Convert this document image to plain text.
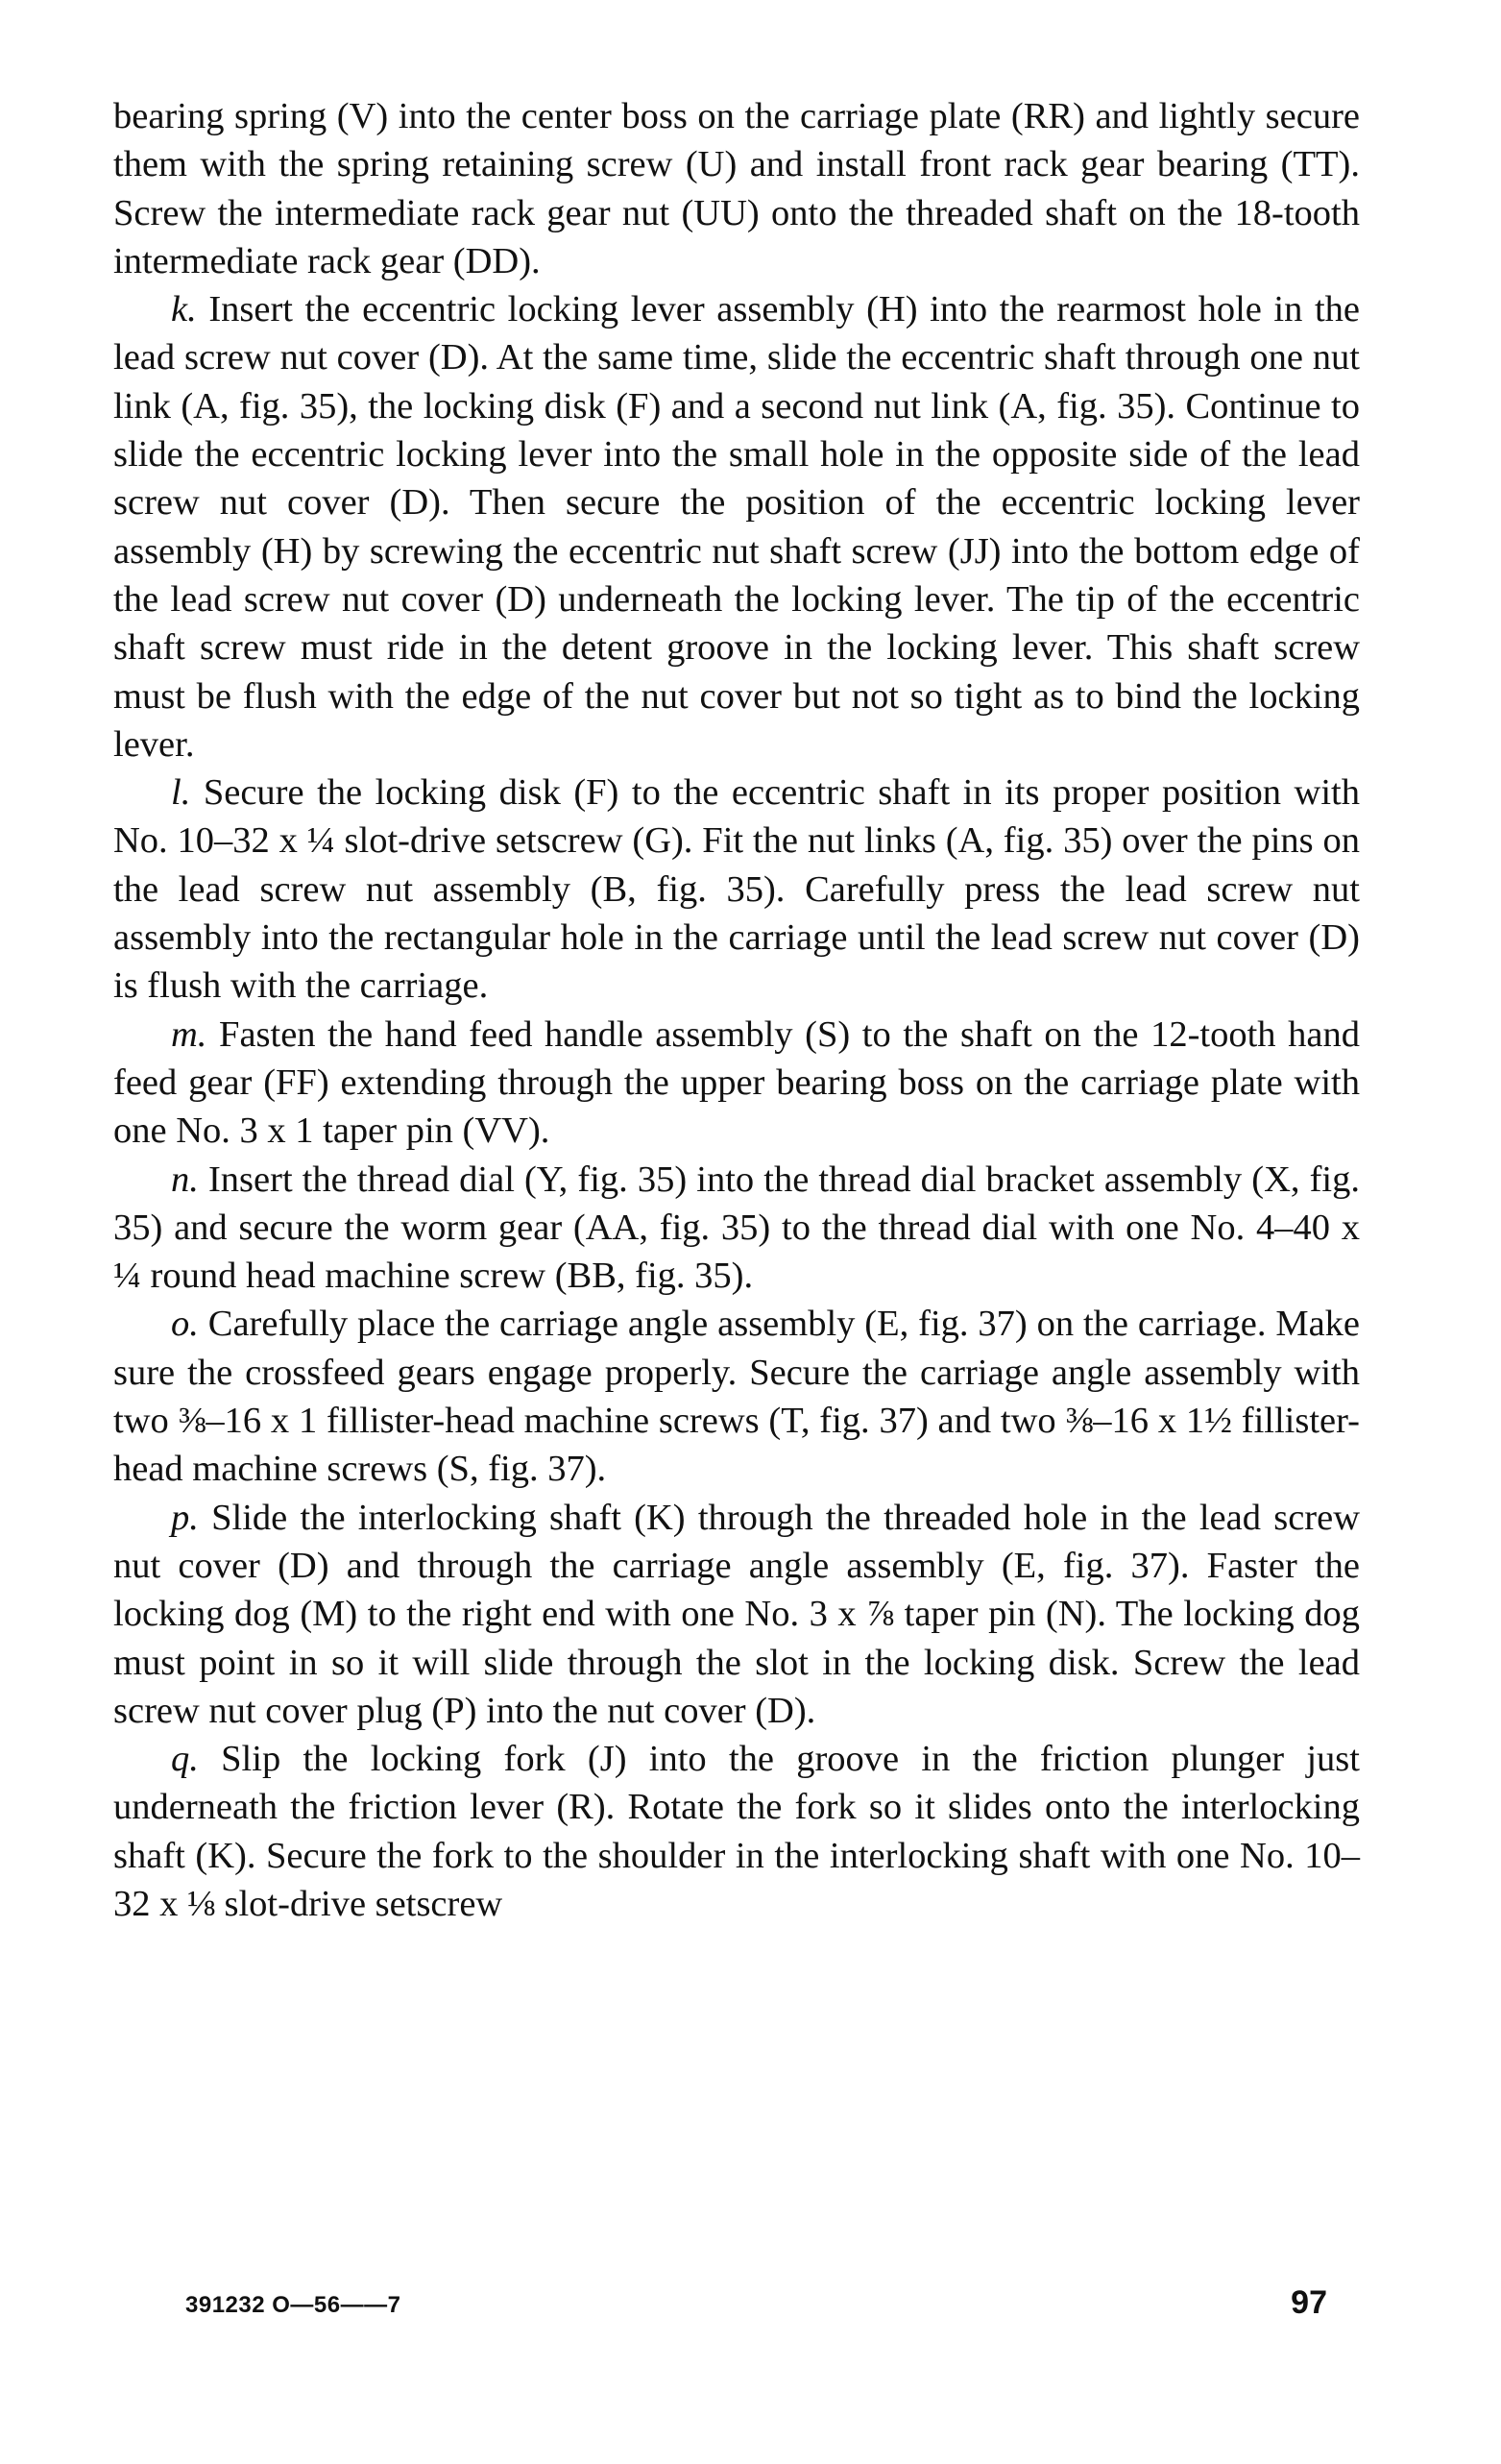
bearing spring (V) into the center boss on the carriage plate (RR) and lightly secure them with the spring retaining screw (U) and install front rack gear bearing (TT). Screw the intermediate rack gear nut (UU) onto the threaded shaft on the 18-tooth intermediate rack gear (DD).

k. Insert the eccentric locking lever assembly (H) into the rearmost hole in the lead screw nut cover (D). At the same time, slide the eccentric shaft through one nut link (A, fig. 35), the locking disk (F) and a second nut link (A, fig. 35). Continue to slide the eccentric locking lever into the small hole in the opposite side of the lead screw nut cover (D). Then secure the position of the eccentric locking lever assembly (H) by screwing the eccentric nut shaft screw (JJ) into the bottom edge of the lead screw nut cover (D) underneath the locking lever. The tip of the eccentric shaft screw must ride in the detent groove in the locking lever. This shaft screw must be flush with the edge of the nut cover but not so tight as to bind the locking lever.

l. Secure the locking disk (F) to the eccentric shaft in its proper position with No. 10–32 x ¼ slot-drive setscrew (G). Fit the nut links (A, fig. 35) over the pins on the lead screw nut assembly (B, fig. 35). Carefully press the lead screw nut assembly into the rectangular hole in the carriage until the lead screw nut cover (D) is flush with the carriage.

m. Fasten the hand feed handle assembly (S) to the shaft on the 12-tooth hand feed gear (FF) extending through the upper bearing boss on the carriage plate with one No. 3 x 1 taper pin (VV).

n. Insert the thread dial (Y, fig. 35) into the thread dial bracket assembly (X, fig. 35) and secure the worm gear (AA, fig. 35) to the thread dial with one No. 4–40 x ¼ round head machine screw (BB, fig. 35).

o. Carefully place the carriage angle assembly (E, fig. 37) on the carriage. Make sure the crossfeed gears engage properly. Secure the carriage angle assembly with two ⅜–16 x 1 fillister-head machine screws (T, fig. 37) and two ⅜–16 x 1½ fillister-head machine screws (S, fig. 37).

p. Slide the interlocking shaft (K) through the threaded hole in the lead screw nut cover (D) and through the carriage angle assembly (E, fig. 37). Faster the locking dog (M) to the right end with one No. 3 x ⅞ taper pin (N). The locking dog must point in so it will slide through the slot in the locking disk. Screw the lead screw nut cover plug (P) into the nut cover (D).

q. Slip the locking fork (J) into the groove in the friction plunger just underneath the friction lever (R). Rotate the fork so it slides onto the interlocking shaft (K). Secure the fork to the shoulder in the interlocking shaft with one No. 10–32 x ⅛ slot-drive setscrew

391232 O—56——7	97
